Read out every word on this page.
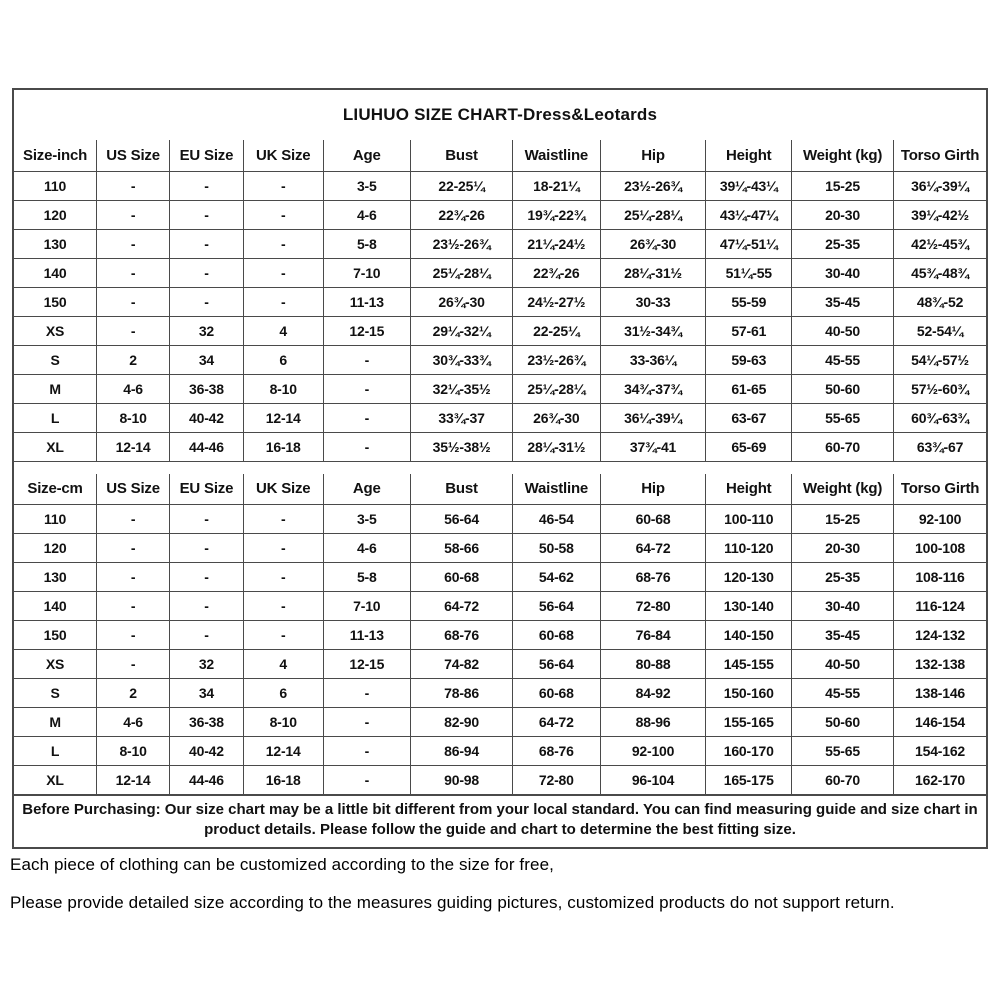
LIUHUO SIZE CHART-Dress&Leotards
Size-inch	US Size	EU Size	UK Size	Age	Bust	Waistline	Hip	Height	Weight (kg)	Torso Girth
110	-	-	-	3-5	22-25¼	18-21¼	23½-26¾	39¼-43¼	15-25	36¼-39¼
120	-	-	-	4-6	22¾-26	19¾-22¾	25¼-28¼	43¼-47¼	20-30	39¼-42½
130	-	-	-	5-8	23½-26¾	21¼-24½	26¾-30	47¼-51¼	25-35	42½-45¾
140	-	-	-	7-10	25¼-28¼	22¾-26	28¼-31½	51¼-55	30-40	45¾-48¾
150	-	-	-	11-13	26¾-30	24½-27½	30-33	55-59	35-45	48¾-52
XS	-	32	4	12-15	29¼-32¼	22-25¼	31½-34¾	57-61	40-50	52-54¼
S	2	34	6	-	30¾-33¾	23½-26¾	33-36¼	59-63	45-55	54¼-57½
M	4-6	36-38	8-10	-	32¼-35½	25¼-28¼	34¾-37¾	61-65	50-60	57½-60¾
L	8-10	40-42	12-14	-	33¾-37	26¾-30	36¼-39¼	63-67	55-65	60¾-63¾
XL	12-14	44-46	16-18	-	35½-38½	28¼-31½	37¾-41	65-69	60-70	63¾-67
Size-cm	US Size	EU Size	UK Size	Age	Bust	Waistline	Hip	Height	Weight (kg)	Torso Girth
110	-	-	-	3-5	56-64	46-54	60-68	100-110	15-25	92-100
120	-	-	-	4-6	58-66	50-58	64-72	110-120	20-30	100-108
130	-	-	-	5-8	60-68	54-62	68-76	120-130	25-35	108-116
140	-	-	-	7-10	64-72	56-64	72-80	130-140	30-40	116-124
150	-	-	-	11-13	68-76	60-68	76-84	140-150	35-45	124-132
XS	-	32	4	12-15	74-82	56-64	80-88	145-155	40-50	132-138
S	2	34	6	-	78-86	60-68	84-92	150-160	45-55	138-146
M	4-6	36-38	8-10	-	82-90	64-72	88-96	155-165	50-60	146-154
L	8-10	40-42	12-14	-	86-94	68-76	92-100	160-170	55-65	154-162
XL	12-14	44-46	16-18	-	90-98	72-80	96-104	165-175	60-70	162-170
Before Purchasing: Our size chart may be a little bit different from your local standard. You can find measuring guide and size chart in product details. Please follow the guide and chart to determine the best fitting size.

Each piece of clothing can be customized according to the size for free,

Please provide detailed size according to the measures guiding pictures, customized products do not support return.
